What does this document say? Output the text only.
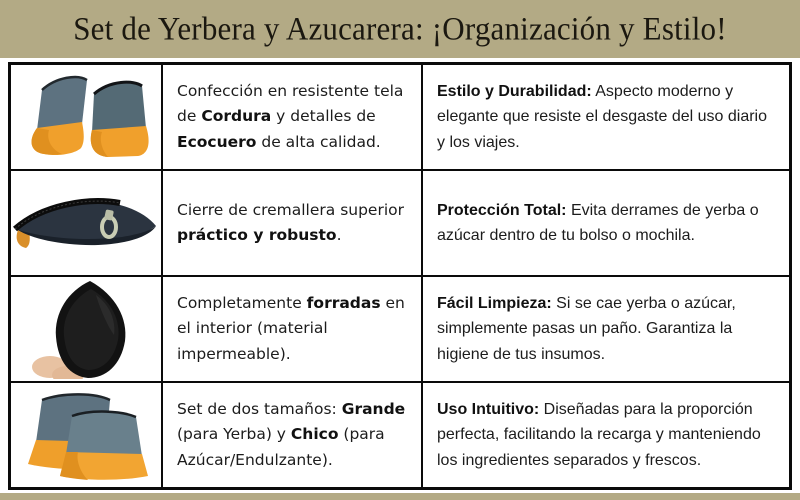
Set de Yerbera y Azucarera: ¡Organización y Estilo!
Confección en resistente tela de Cordura y detalles de Ecocuero de alta calidad.
Estilo y Durabilidad: Aspecto moderno y elegante que resiste el desgaste del uso diario y los viajes.
Cierre de cremallera superior práctico y robusto.
Protección Total: Evita derrames de yerba o azúcar dentro de tu bolso o mochila.
Completamente forradas en el interior (material impermeable).
Fácil Limpieza: Si se cae yerba o azúcar, simplemente pasas un paño. Garantiza la higiene de tus insumos.
Set de dos tamaños: Grande (para Yerba) y Chico (para Azúcar/Endulzante).
Uso Intuitivo: Diseñadas para la proporción perfecta, facilitando la recarga y manteniendo los ingredientes separados y frescos.
